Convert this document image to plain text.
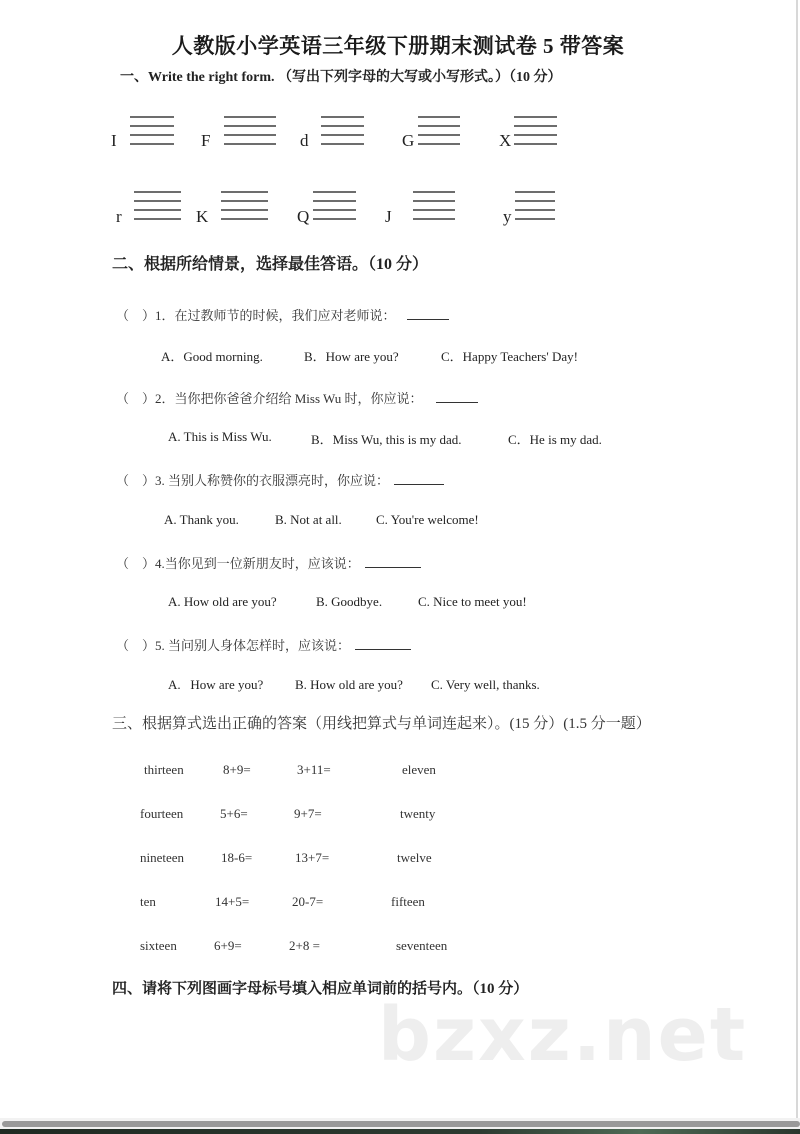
人教版小学英语三年级下册期末测试卷 5 带答案
一、Write the right form. （写出下列字母的大写或小写形式。）（10 分）
I	F	d	G	X
r	K	Q	J	y
二、根据所给情景，选择最佳答语。（10 分）
（　）1．在过教师节的时候，我们应对老师说：
A．Good morning.	B．How are you?	C．Happy Teachers' Day!
（　）2．当你把你爸爸介绍给 Miss Wu 时，你应说：
A. This is Miss Wu.	B．Miss Wu, this is my dad.	C．He is my dad.
（　）3. 当别人称赞你的衣服漂亮时，你应说：
A. Thank you.	B. Not at all.	C. You're welcome!
（　）4.当你见到一位新朋友时，应该说：
A. How old are you?	B. Goodbye.	C. Nice to meet you!
（　）5. 当问别人身体怎样时，应该说：
A.   How are you? B. How old are you? C. Very well, thanks.
三、根据算式选出正确的答案（用线把算式与单词连起来）。(15 分）(1.5 分一题）
thirteen	8+9=	3+11=	eleven
fourteen	5+6=	9+7=	twenty
nineteen	18-6=	13+7=	twelve
ten	14+5=	20-7=	fifteen
sixteen	6+9=	2+8 =	seventeen
四、请将下列图画字母标号填入相应单词前的括号内。（10 分）
bzxz.net
